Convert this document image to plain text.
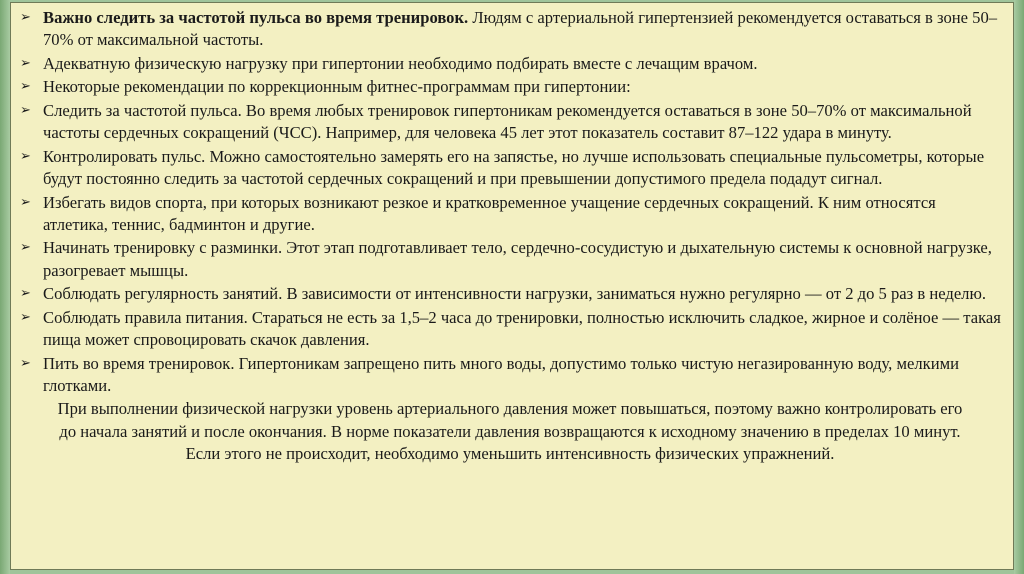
➢ Важно следить за частотой пульса во время тренировок. Людям с артериальной гипертензией рекомендуется оставаться в зоне 50–70% от максимальной частоты.
➢ Адекватную физическую нагрузку при гипертонии необходимо подбирать вместе с лечащим врачом.
➢ Некоторые рекомендации по коррекционным фитнес-программам при гипертонии:
➢ Следить за частотой пульса. Во время любых тренировок гипертоникам рекомендуется оставаться в зоне 50–70% от максимальной частоты сердечных сокращений (ЧСС). Например, для человека 45 лет этот показатель составит 87–122 удара в минуту.
➢ Контролировать пульс. Можно самостоятельно замерять его на запястье, но лучше использовать специальные пульсометры, которые будут постоянно следить за частотой сердечных сокращений и при превышении допустимого предела подадут сигнал.
➢ Избегать видов спорта, при которых возникают резкое и кратковременное учащение сердечных сокращений. К ним относятся атлетика, теннис, бадминтон и другие.
➢ Начинать тренировку с разминки. Этот этап подготавливает тело, сердечно-сосудистую и дыхательную системы к основной нагрузке, разогревает мышцы.
➢ Соблюдать регулярность занятий. В зависимости от интенсивности нагрузки, заниматься нужно регулярно — от 2 до 5 раз в неделю.
➢ Соблюдать правила питания. Стараться не есть за 1,5–2 часа до тренировки, полностью исключить сладкое, жирное и солёное — такая пища может спровоцировать скачок давления.
➢ Пить во время тренировок. Гипертоникам запрещено пить много воды, допустимо только чистую негазированную воду, мелкими глотками.

При выполнении физической нагрузки уровень артериального давления может повышаться, поэтому важно контролировать его до начала занятий и после окончания. В норме показатели давления возвращаются к исходному значению в пределах 10 минут. Если этого не происходит, необходимо уменьшить интенсивность физических упражнений.
